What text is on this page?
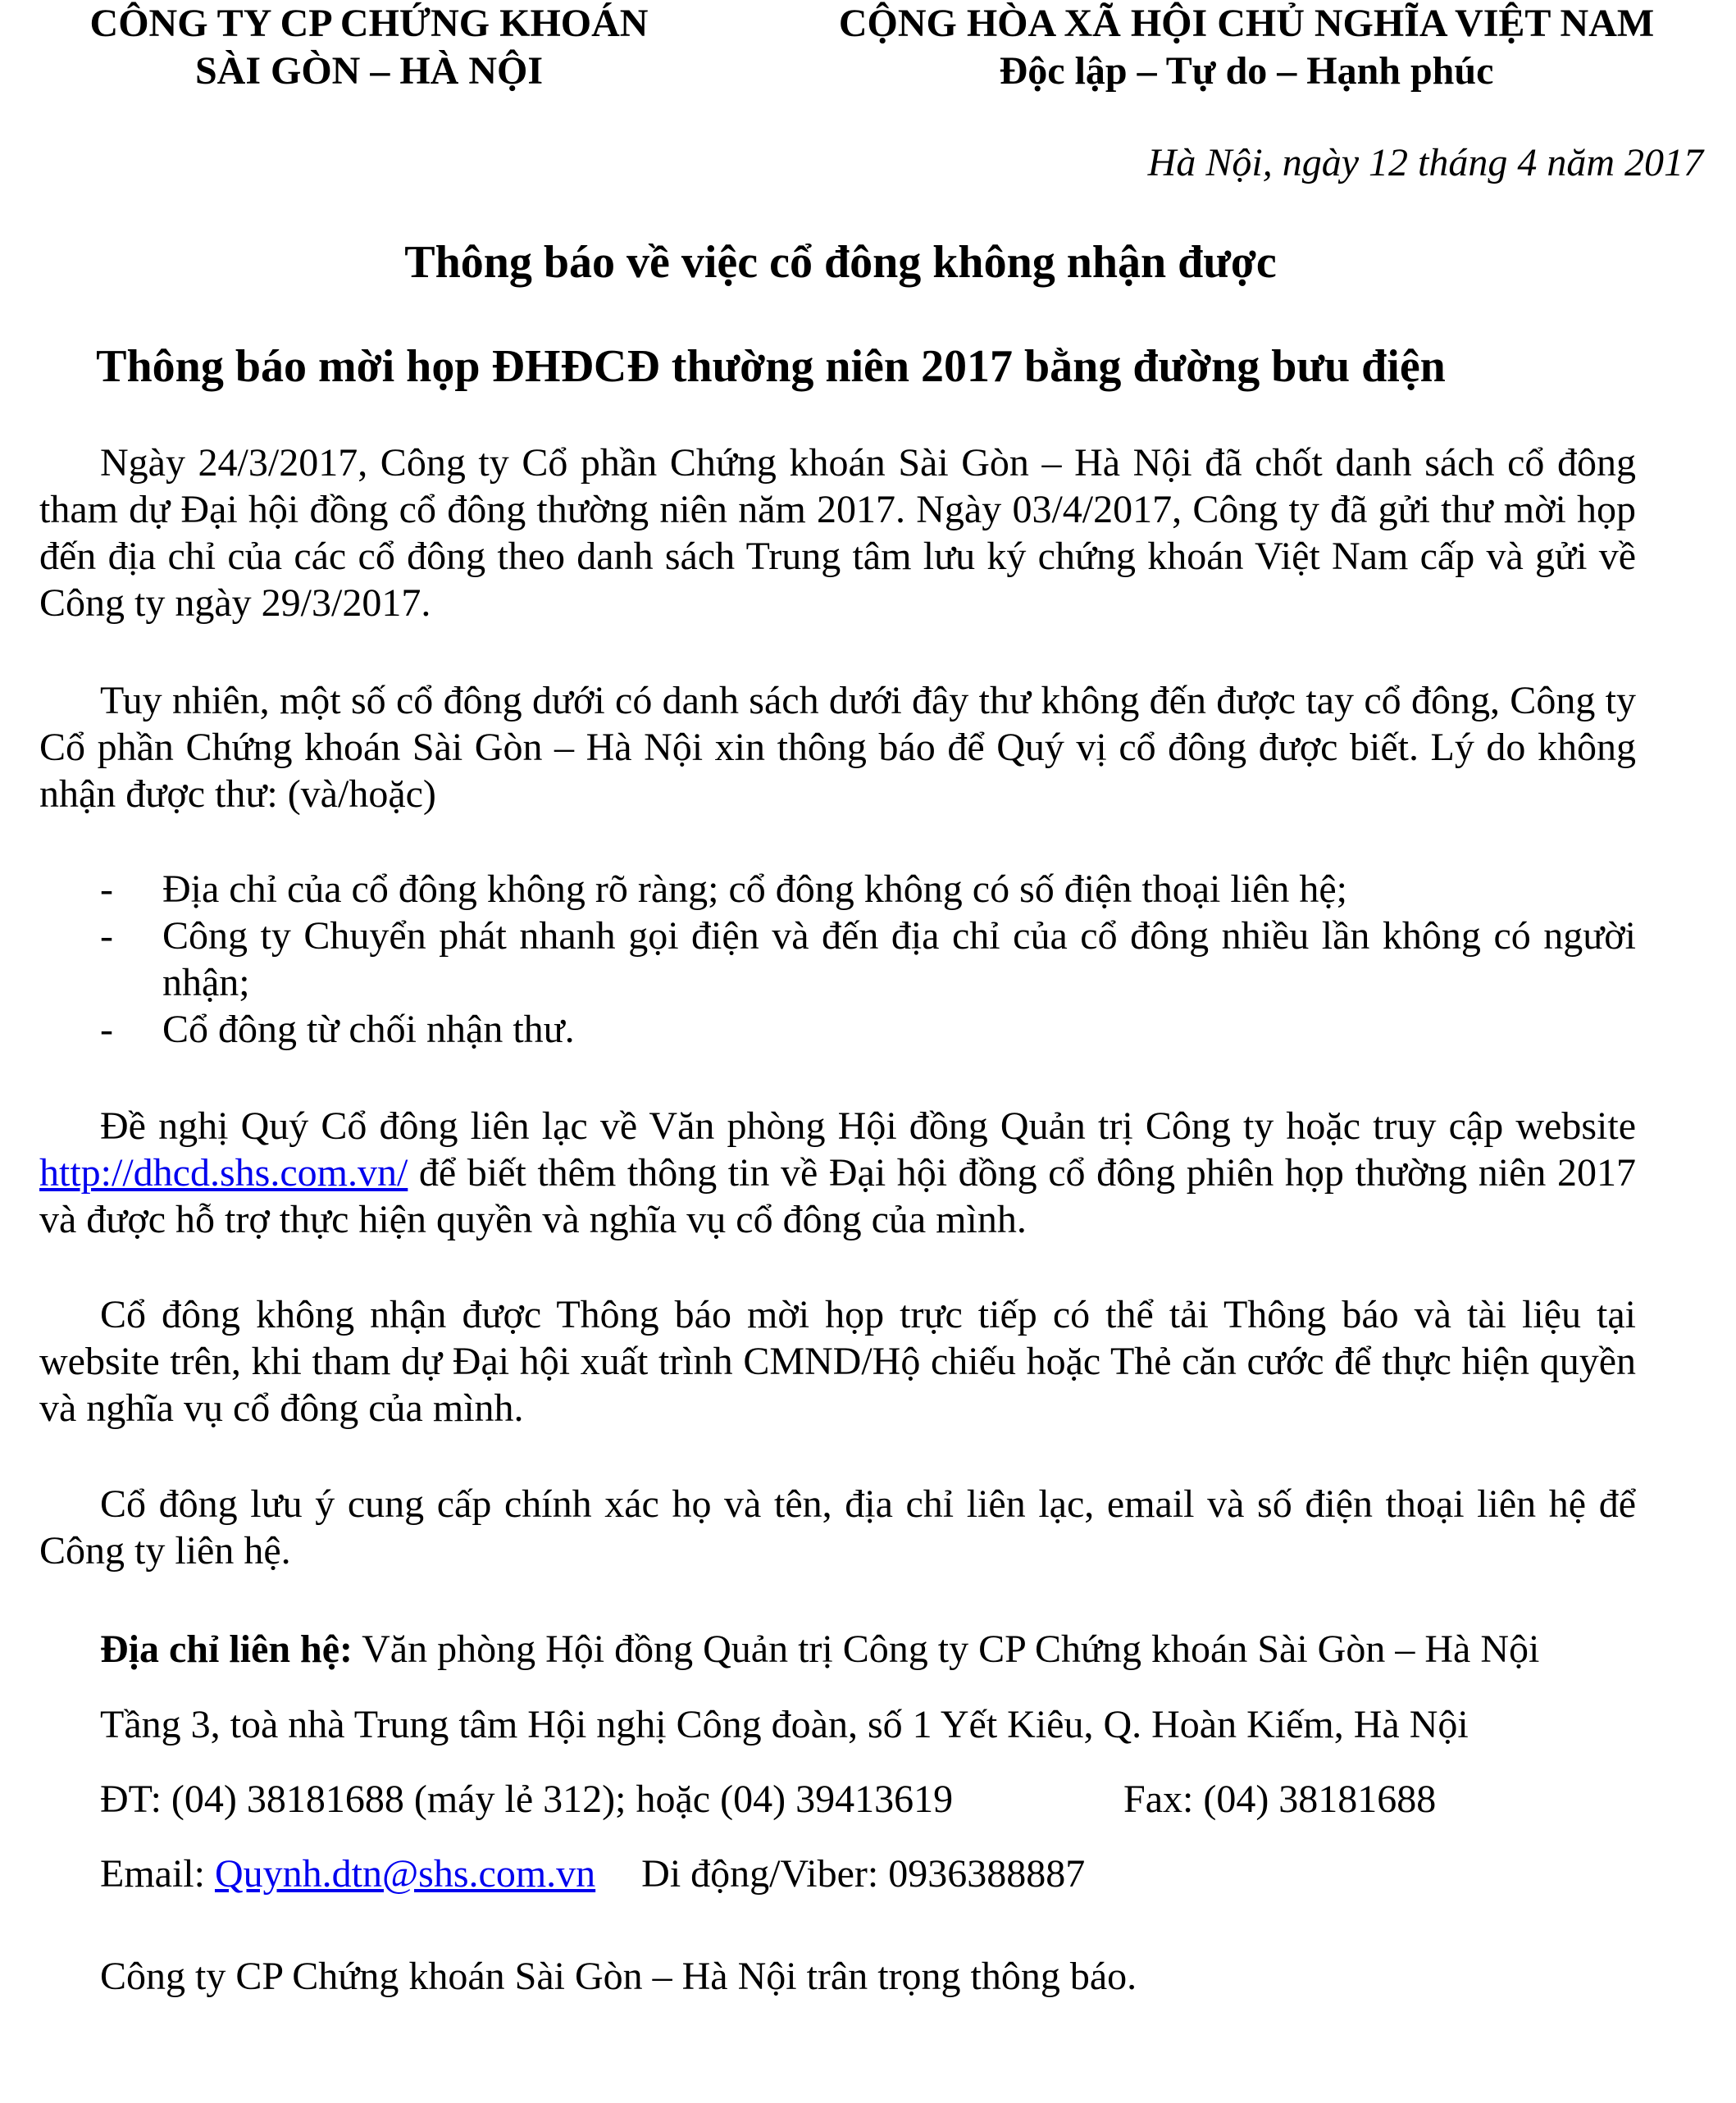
CÔNG TY CP CHỨNG KHOÁN
SÀI GÒN – HÀ NỘI
CỘNG HÒA XÃ HỘI CHỦ NGHĨA VIỆT NAM
Độc lập – Tự do – Hạnh phúc
Hà Nội, ngày 12 tháng 4 năm 2017
Thông báo về việc cổ đông không nhận được
Thông báo mời họp ĐHĐCĐ thường niên 2017 bằng đường bưu điện

Ngày 24/3/2017, Công ty Cổ phần Chứng khoán Sài Gòn – Hà Nội đã chốt danh sách cổ đông tham dự Đại hội đồng cổ đông thường niên năm 2017. Ngày 03/4/2017, Công ty đã gửi thư mời họp đến địa chỉ của các cổ đông theo danh sách Trung tâm lưu ký chứng khoán Việt Nam cấp và gửi về Công ty ngày 29/3/2017.

Tuy nhiên, một số cổ đông dưới có danh sách dưới đây thư không đến được tay cổ đông, Công ty Cổ phần Chứng khoán Sài Gòn – Hà Nội xin thông báo để Quý vị cổ đông được biết. Lý do không nhận được thư: (và/hoặc)

- Địa chỉ của cổ đông không rõ ràng; cổ đông không có số điện thoại liên hệ;
- Công ty Chuyển phát nhanh gọi điện và đến địa chỉ của cổ đông nhiều lần không có người nhận;
- Cổ đông từ chối nhận thư.

Đề nghị Quý Cổ đông liên lạc về Văn phòng Hội đồng Quản trị Công ty hoặc truy cập website http://dhcd.shs.com.vn/ để biết thêm thông tin về Đại hội đồng cổ đông phiên họp thường niên 2017 và được hỗ trợ thực hiện quyền và nghĩa vụ cổ đông của mình.

Cổ đông không nhận được Thông báo mời họp trực tiếp có thể tải Thông báo và tài liệu tại website trên, khi tham dự Đại hội xuất trình CMND/Hộ chiếu hoặc Thẻ căn cước để thực hiện quyền và nghĩa vụ cổ đông của mình.

Cổ đông lưu ý cung cấp chính xác họ và tên, địa chỉ liên lạc, email và số điện thoại liên hệ để Công ty liên hệ.

Địa chỉ liên hệ: Văn phòng Hội đồng Quản trị Công ty CP Chứng khoán Sài Gòn – Hà Nội
Tầng 3, toà nhà Trung tâm Hội nghị Công đoàn, số 1 Yết Kiêu, Q. Hoàn Kiếm, Hà Nội
ĐT: (04) 38181688 (máy lẻ 312); hoặc (04) 39413619	Fax: (04) 38181688
Email: Quynh.dtn@shs.com.vn Di động/Viber: 0936388887
Công ty CP Chứng khoán Sài Gòn – Hà Nội trân trọng thông báo.
